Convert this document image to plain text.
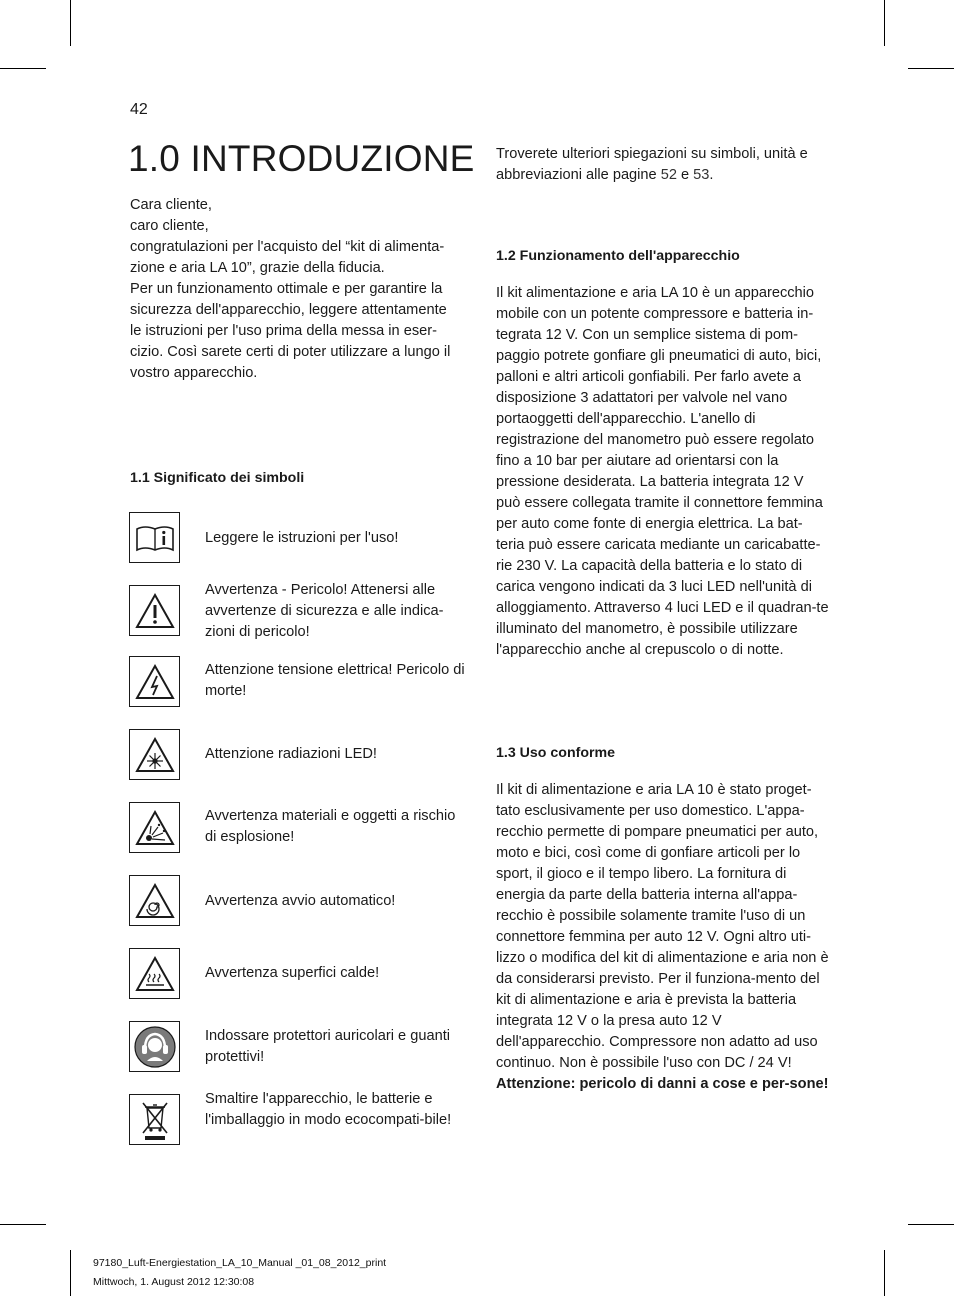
42
1.0 INTRODUZIONE

Cara cliente,

caro cliente,

congratulazioni per l'acquisto del “kit di alimenta-zione e aria LA 10”, grazie della fiducia.

Per un funzionamento ottimale e per garantire la sicurezza dell'apparecchio, leggere attentamente le istruzioni per l'uso prima della messa in eser-cizio. Così sarete certi di poter utilizzare a lungo il vostro apparecchio.

1.1 Significato dei simboli
Leggere le istruzioni per l'uso!
Avvertenza - Pericolo! Attenersi alle avvertenze di sicurezza e alle indica-zioni di pericolo!
Attenzione tensione elettrica! Pericolo di morte!
Attenzione radiazioni LED!
Avvertenza materiali e oggetti a rischio di esplosione!
Avvertenza avvio automatico!
Avvertenza superfici calde!
Indossare protettori auricolari e guanti protettivi!
Smaltire l'apparecchio, le batterie e l'imballaggio in modo ecocompati-bile!
Troverete ulteriori spiegazioni su simboli, unità e abbreviazioni alle pagine 52 e 53.
1.2 Funzionamento dell'apparecchio
Il kit alimentazione e aria LA 10 è un apparecchio mobile con un potente compressore e batteria in-tegrata 12 V. Con un semplice sistema di pom-paggio potrete gonfiare gli pneumatici di auto, bici, palloni e altri articoli gonfiabili. Per farlo avete a disposizione 3 adattatori per valvole nel vano portaoggetti dell'apparecchio. L'anello di registrazione del manometro può essere regolato fino a 10 bar per aiutare ad orientarsi con la pressione desiderata. La batteria integrata 12 V può essere collegata tramite il connettore femmina per auto come fonte di energia elettrica. La bat-teria può essere caricata mediante un caricabatte-rie 230 V. La capacità della batteria e lo stato di carica vengono indicati da 3 luci LED nell'unità di alloggiamento. Attraverso 4 luci LED e il quadran-te illuminato del manometro, è possibile utilizzare l'apparecchio anche al crepuscolo o di notte.
1.3 Uso conforme

Il kit di alimentazione e aria LA 10 è stato proget-tato esclusivamente per uso domestico. L'appa-recchio permette di pompare pneumatici per auto, moto e bici, così come di gonfiare articoli per lo sport, il gioco e il tempo libero. La fornitura di energia da parte della batteria interna all'appa-recchio è possibile solamente tramite l'uso di un connettore femmina per auto 12 V. Ogni altro uti-lizzo o modifica del kit di alimentazione e aria non è da considerarsi previsto. Per il funziona-mento del kit di alimentazione e aria è prevista la batteria integrata 12 V o la presa auto 12 V dell'apparecchio. Compressore non adatto ad uso continuo. Non è possibile l'uso con DC / 24 V!

Attenzione: pericolo di danni a cose e per-sone!

97180_Luft-Energiestation_LA_10_Manual _01_08_2012_print
Mittwoch, 1. August 2012 12:30:08
